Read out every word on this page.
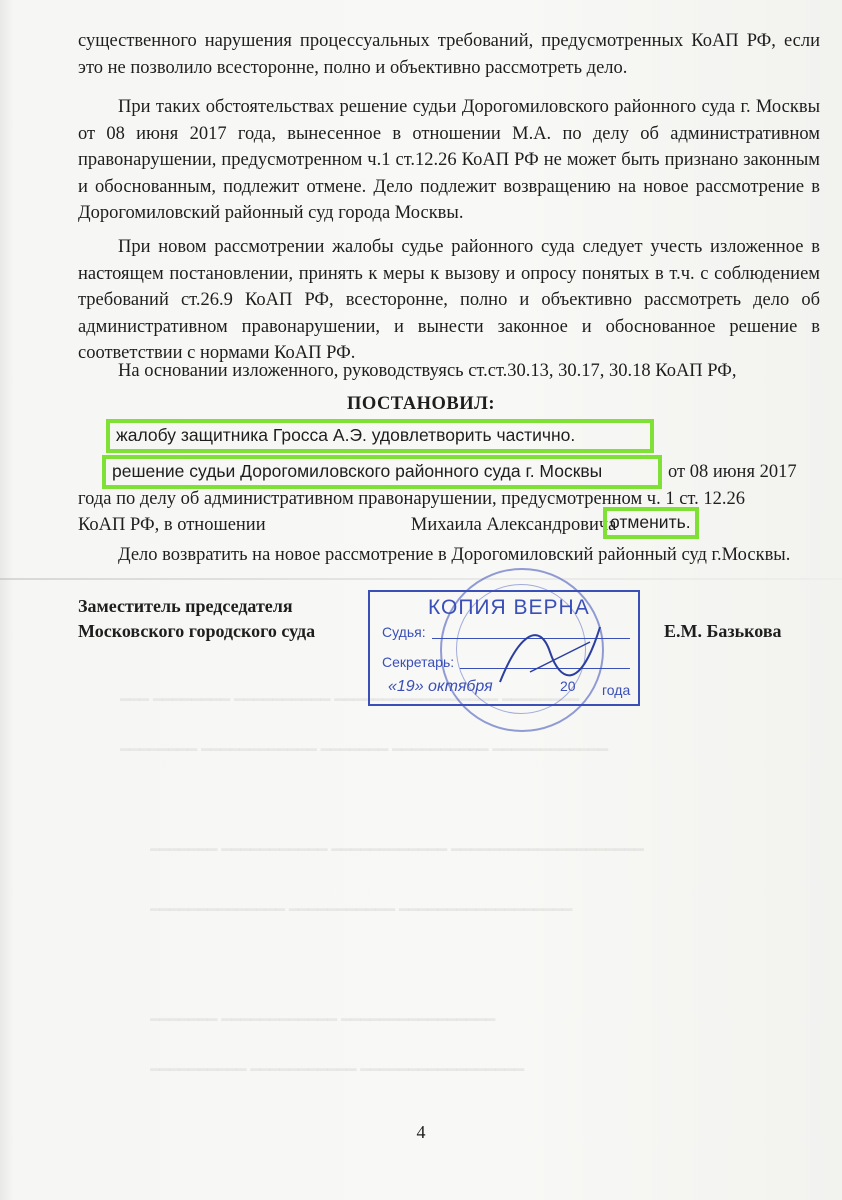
━━━ ━━━━━━━━ ━━━━━━━━━━ ━━━━━━━━━━━━━━━━━ ━━━━━━━━
━━━━━━━━ ━━━━━━━━━━━━ ━━━━━━━ ━━━━━━━━━━ ━━━━━━━━━━━━
━━━━━━━ ━━━━━━━━━━━ ━━━━━━━━━━━━ ━━━━━━━━━━━━━━━━━━━━
━━━━━━━━━━━━━━ ━━━━━━━━━━━ ━━━━━━━━━━━━━━━━━━
━━━━━━━ ━━━━━━━━━━━━ ━━━━━━━━━━━━━━━━
━━━━━━━━━━ ━━━━━━━━━━━ ━━━━━━━━━━━━━━━━━
существенного нарушения процессуальных требований, предусмотренных КоАП РФ, если это не позволило всесторонне, полно и объективно рассмотреть дело.
При таких обстоятельствах решение судьи Дорогомиловского районного суда г. Москвы от 08 июня 2017 года, вынесенное в отношении М.А. по делу об административном правонарушении, предусмотренном ч.1 ст.12.26 КоАП РФ не может быть признано законным и обоснованным, подлежит отмене. Дело подлежит возвращению на новое рассмотрение в Дорогомиловский районный суд города Москвы.
При новом рассмотрении жалобы судье районного суда следует учесть изложенное в настоящем постановлении, принять к меры к вызову и опросу понятых в т.ч. с соблюдением требований ст.26.9 КоАП РФ, всесторонне, полно и объективно рассмотреть дело об административном правонарушении, и вынести законное и обоснованное решение в соответствии с нормами КоАП РФ.
На основании изложенного, руководствуясь ст.ст.30.13, 30.17, 30.18 КоАП РФ,
ПОСТАНОВИЛ:
жалобу защитника Гросса А.Э. удовлетворить частично.
решение судьи Дорогомиловского районного суда г. Москвы	от 08 июня 2017
года по делу об административном правонарушении, предусмотренном ч. 1 ст. 12.26
КоАП РФ, в отношении	Михаила Александровича
отменить.
Дело возвратить на новое рассмотрение в Дорогомиловский районный суд г.Москвы.
КОПИЯ ВЕРНА
Судья:
Секретарь:
«19» октября	20 года
Заместитель председателя
Московского городского суда	Е.М. Базькова
4
